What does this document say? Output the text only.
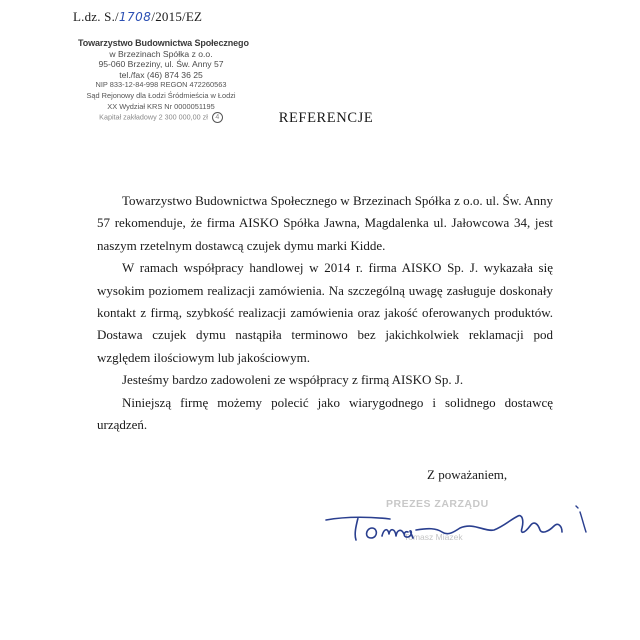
L.dz. S./1708/2015/EZ
Towarzystwo Budownictwa Społecznego
w Brzezinach Spółka z o.o.
95-060 Brzeziny, ul. Św. Anny 57
tel./fax (46) 874 36 25
NIP 833-12-84-998 REGON 472260563
Sąd Rejonowy dla Łodzi Śródmieścia w Łodzi
XX Wydział KRS Nr 0000051195
Kapitał zakładowy 2 300 000,00 zł 4	REFERENCJE

Towarzystwo Budownictwa Społecznego w Brzezinach Spółka z o.o. ul. Św. Anny 57 rekomenduje, że firma AISKO Spółka Jawna, Magdalenka ul. Jałowcowa 34, jest naszym rzetelnym dostawcą czujek dymu marki Kidde.

W ramach współpracy handlowej w 2014 r. firma AISKO Sp. J. wykazała się wysokim poziomem realizacji zamówienia. Na szczególną uwagę zasługuje doskonały kontakt z firmą, szybkość realizacji zamówienia oraz jakość oferowanych produktów. Dostawa czujek dymu nastąpiła terminowo bez jakichkolwiek reklamacji pod względem ilościowym lub jakościowym.

Jesteśmy bardzo zadowoleni ze współpracy z firmą AISKO Sp. J.

Niniejszą firmę możemy polecić jako wiarygodnego i solidnego dostawcę urządzeń.

Z poważaniem,
PREZES ZARZĄDU
Tomasz Miazek
